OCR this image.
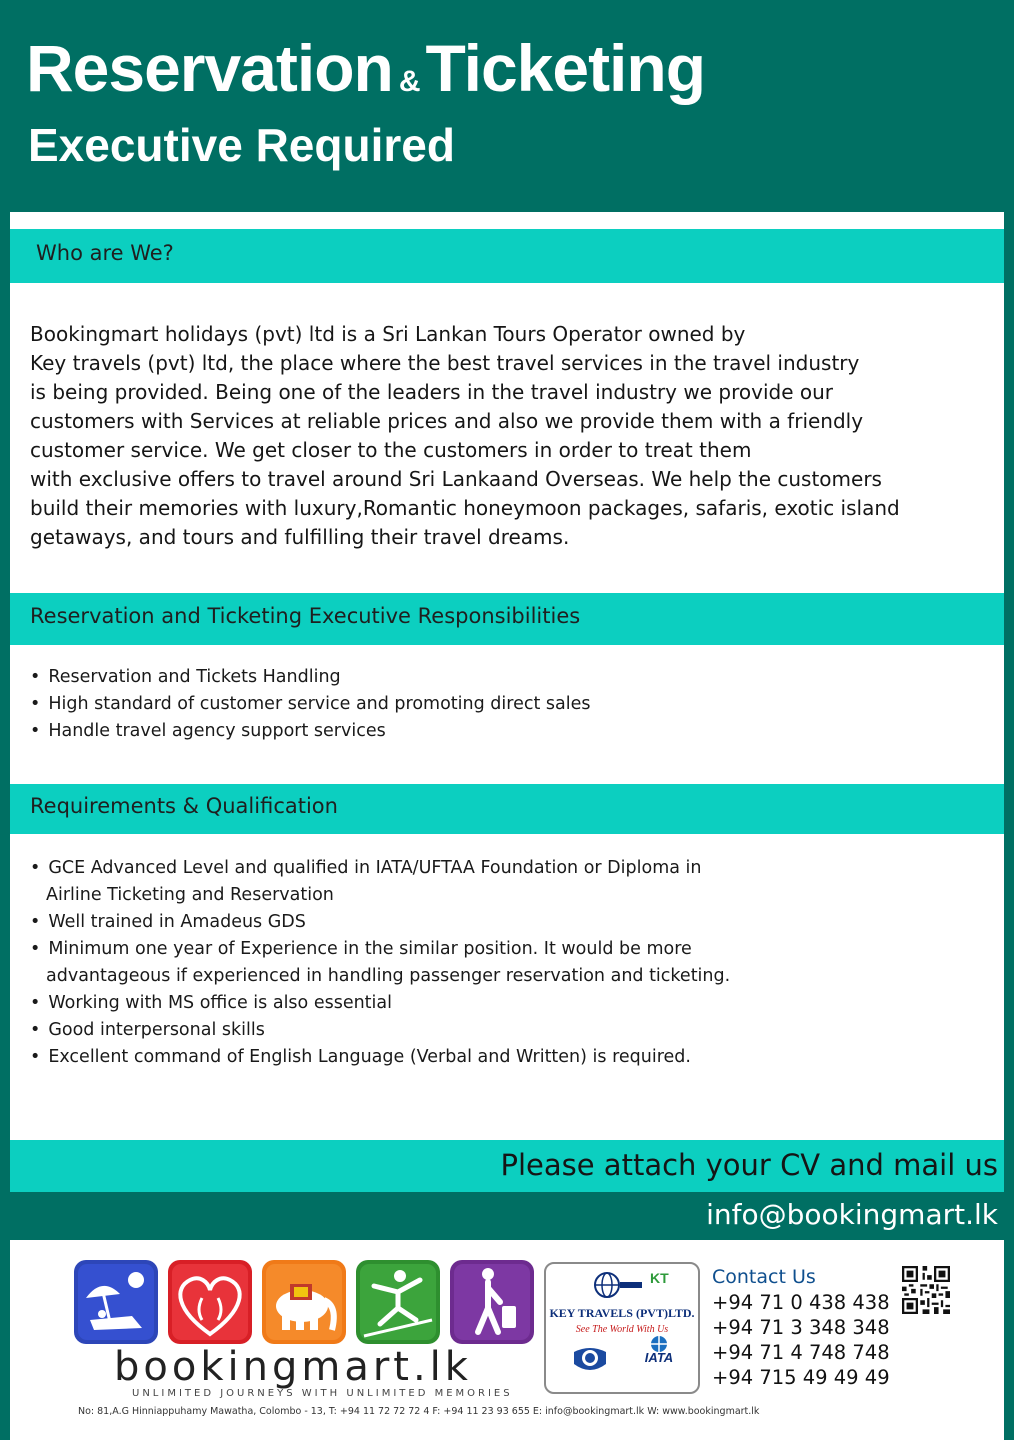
Reservation &Ticketing
Executive Required
Who are We?

Bookingmart holidays (pvt) ltd is a Sri Lankan Tours Operator owned by

Key travels (pvt) ltd, the place where the best travel services in the travel industry

is being provided. Being one of the leaders in the travel industry we provide our

customers with Services at reliable prices and also we provide them with a friendly

customer service. We get closer to the customers in order to treat them

with exclusive offers to travel around Sri Lankaand Overseas. We help the customers

build their memories with luxury,Romantic honeymoon packages, safaris, exotic island

getaways, and tours and fulfilling their travel dreams.

Reservation and Ticketing Executive Responsibilities
• Reservation and Tickets Handling
• High standard of customer service and promoting direct sales
• Handle travel agency support services
Requirements & Qualification
• GCE Advanced Level and qualified in IATA/UFTAA Foundation or Diploma in
Airline Ticketing and Reservation
• Well trained in Amadeus GDS
• Minimum one year of Experience in the similar position. It would be more
advantageous if experienced in handling passenger reservation and ticketing.
• Working with MS office is also essential
• Good interpersonal skills
• Excellent command of English Language (Verbal and Written) is required.
Please attach your CV and mail us
info@bookingmart.lk
bookingmart.lk
UNLIMITED JOURNEYS WITH UNLIMITED MEMORIES
No: 81,A.G Hinniappuhamy Mawatha, Colombo - 13, T: +94 11 72 72 72 4 F: +94 11 23 93 655 E: info@bookingmart.lk W: www.bookingmart.lk
KT
KEY TRAVELS (PVT)LTD.
See The World With Us
IATA
Contact Us
+94 71 0 438 438
+94 71 3 348 348
+94 71 4 748 748
+94 715 49 49 49
